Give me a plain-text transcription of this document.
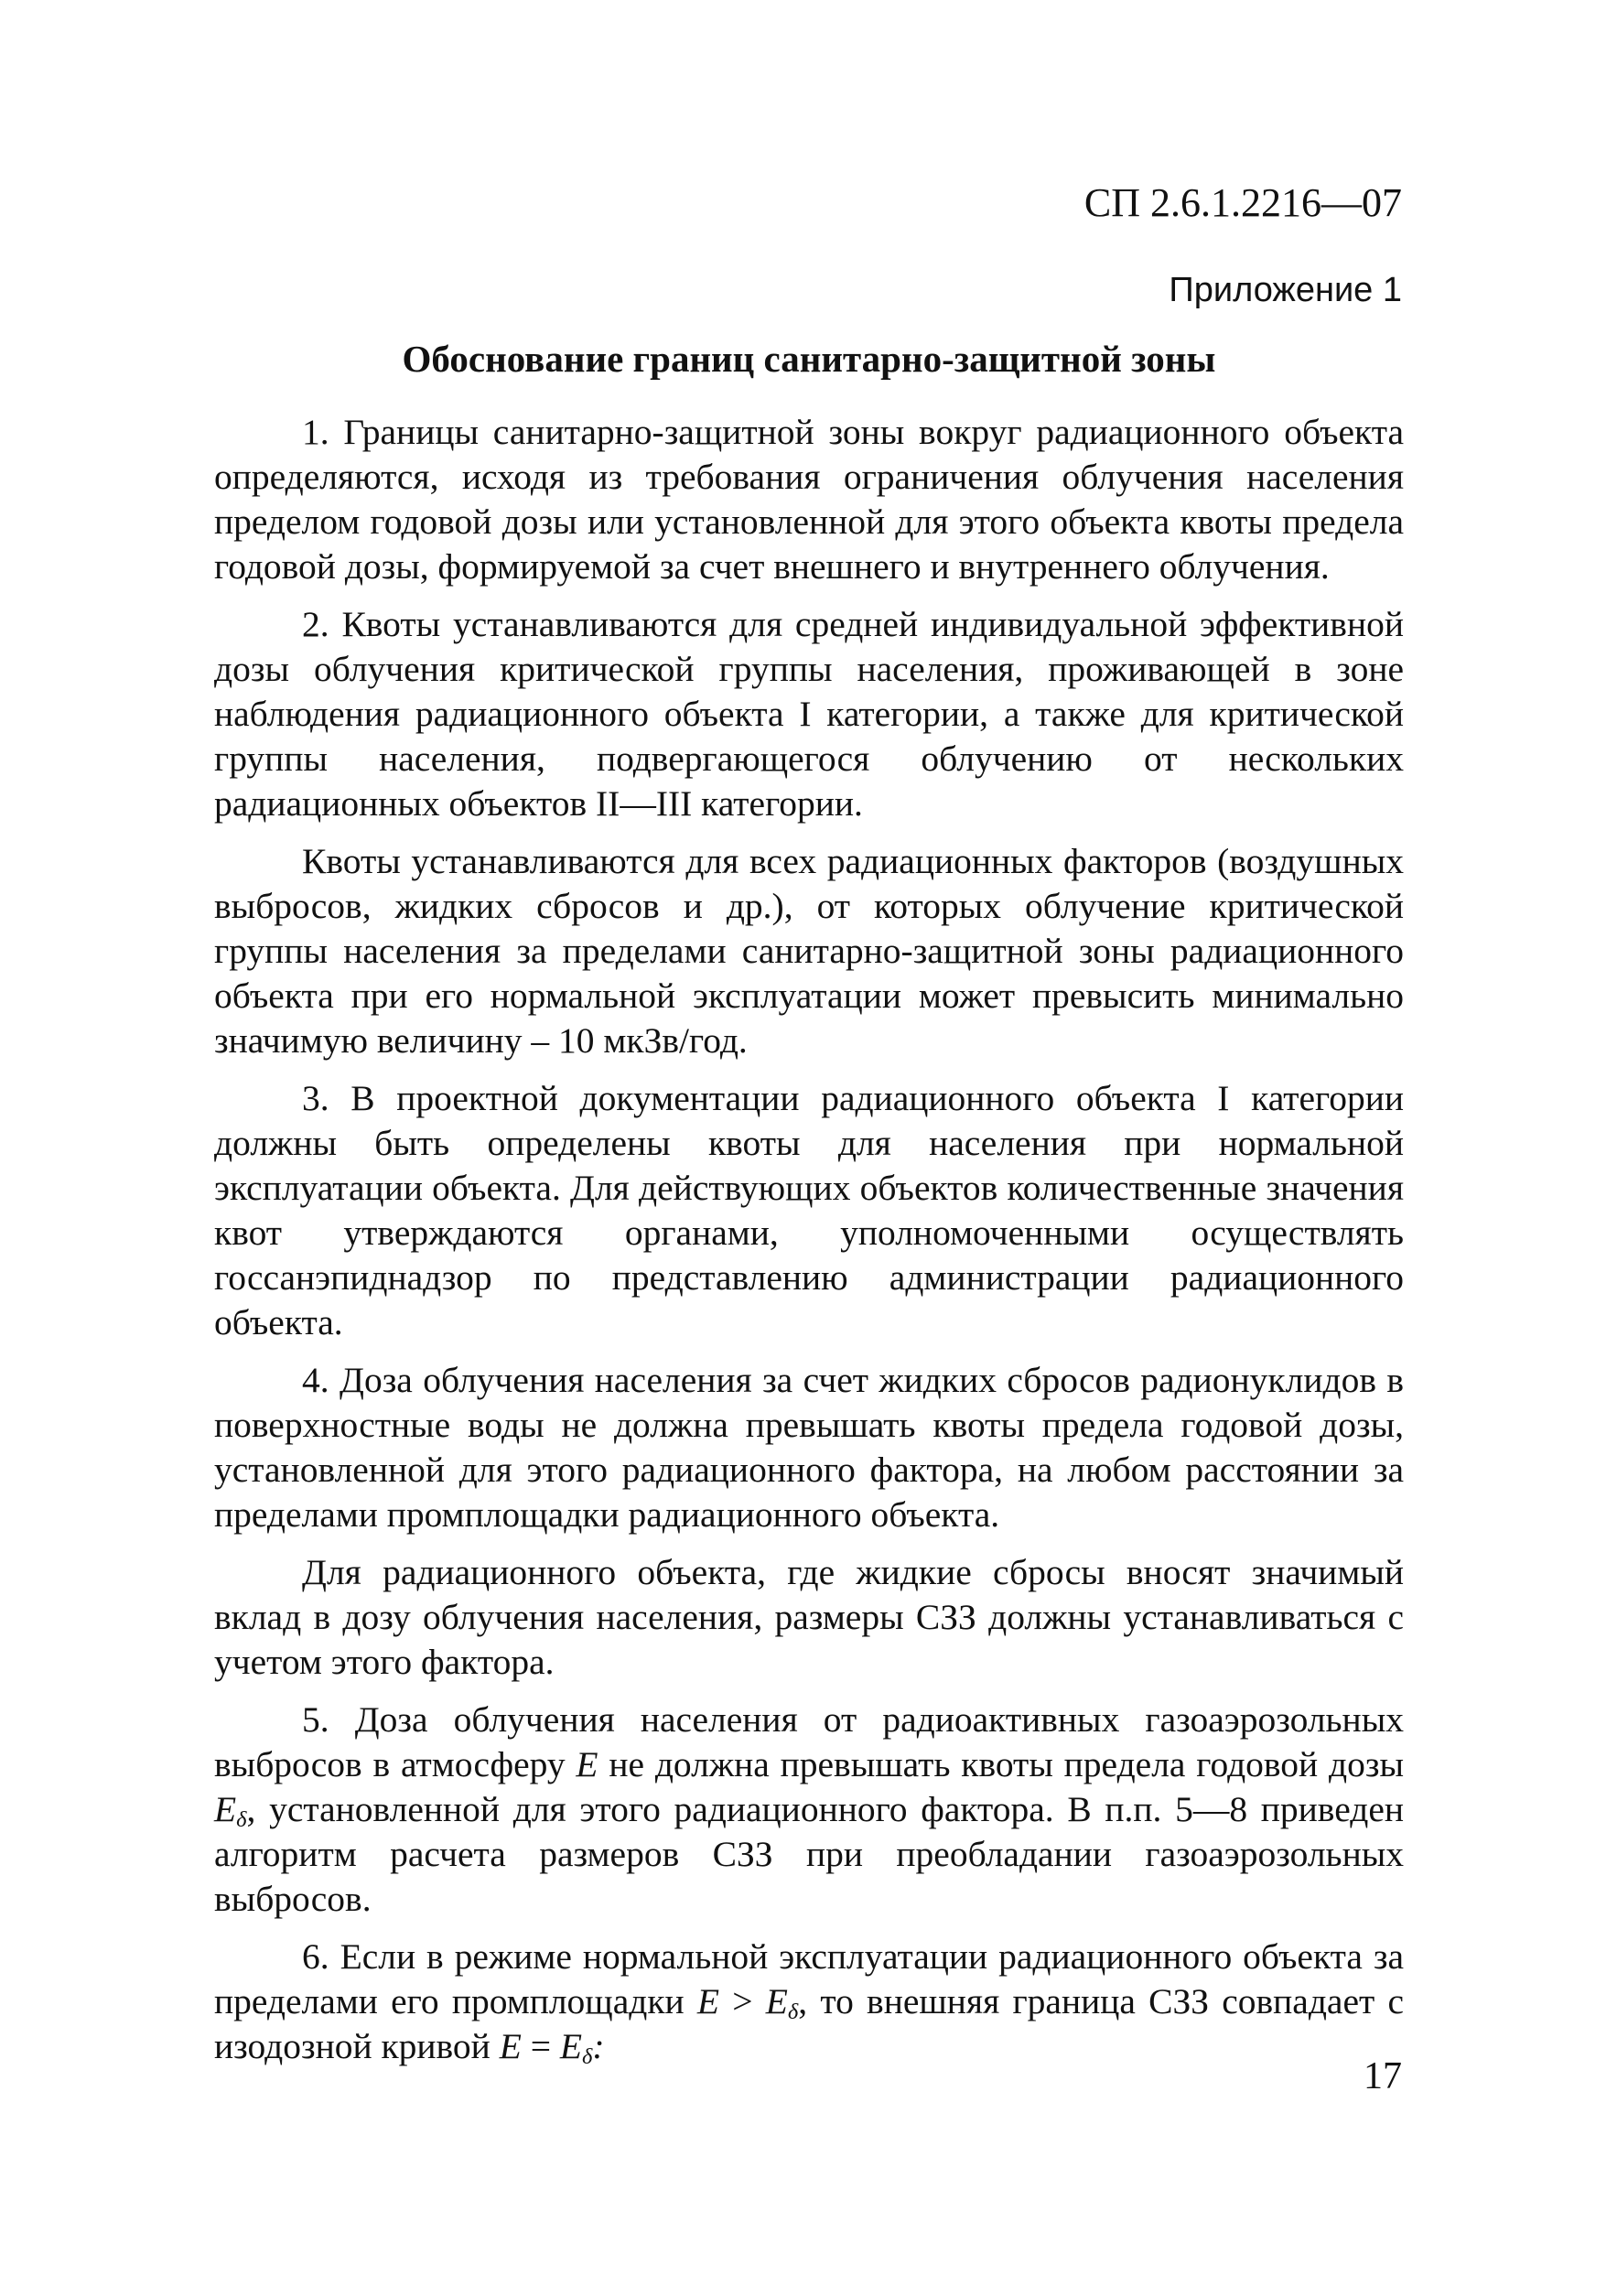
СП 2.6.1.2216—07
Приложение 1
Обоснование границ санитарно-защитной зоны

1. Границы санитарно-защитной зоны вокруг радиационного объекта определяются, исходя из требования ограничения облучения населения пределом годовой дозы или установленной для этого объекта квоты предела годовой дозы, формируемой за счет внешнего и внутреннего облучения.

2. Квоты устанавливаются для средней индивидуальной эффективной дозы облучения критической группы населения, проживающей в зоне наблюдения радиационного объекта I категории, а также для критической группы населения, подвергающегося облучению от нескольких радиационных объектов II—III категории.

Квоты устанавливаются для всех радиационных факторов (воздушных выбросов, жидких сбросов и др.), от которых облучение критической группы населения за пределами санитарно-защитной зоны радиационного объекта при его нормальной эксплуатации может превысить минимально значимую величину – 10 мкЗв/год.

3. В проектной документации радиационного объекта I категории должны быть определены квоты для населения при нормальной эксплуатации объекта. Для действующих объектов количественные значения квот утверждаются органами, уполномоченными осуществлять госсанэпиднадзор по представлению администрации радиационного объекта.

4. Доза облучения населения за счет жидких сбросов радионуклидов в поверхностные воды не должна превышать квоты предела годовой дозы, установленной для этого радиационного фактора, на любом расстоянии за пределами промплощадки радиационного объекта.

Для радиационного объекта, где жидкие сбросы вносят значимый вклад в дозу облучения населения, размеры СЗЗ должны устанавливаться с учетом этого фактора.

5. Доза облучения населения от радиоактивных газоаэрозольных выбросов в атмосферу E не должна превышать квоты предела годовой дозы $E_\delta$, установленной для этого радиационного фактора. В п.п. 5—8 приведен алгоритм расчета размеров СЗЗ при преобладании газоаэрозольных выбросов.

6. Если в режиме нормальной эксплуатации радиационного объекта за пределами его промплощадки $E > E_\delta$, то внешняя граница СЗЗ совпадает с изодозной кривой $E = E_\delta$:

17
